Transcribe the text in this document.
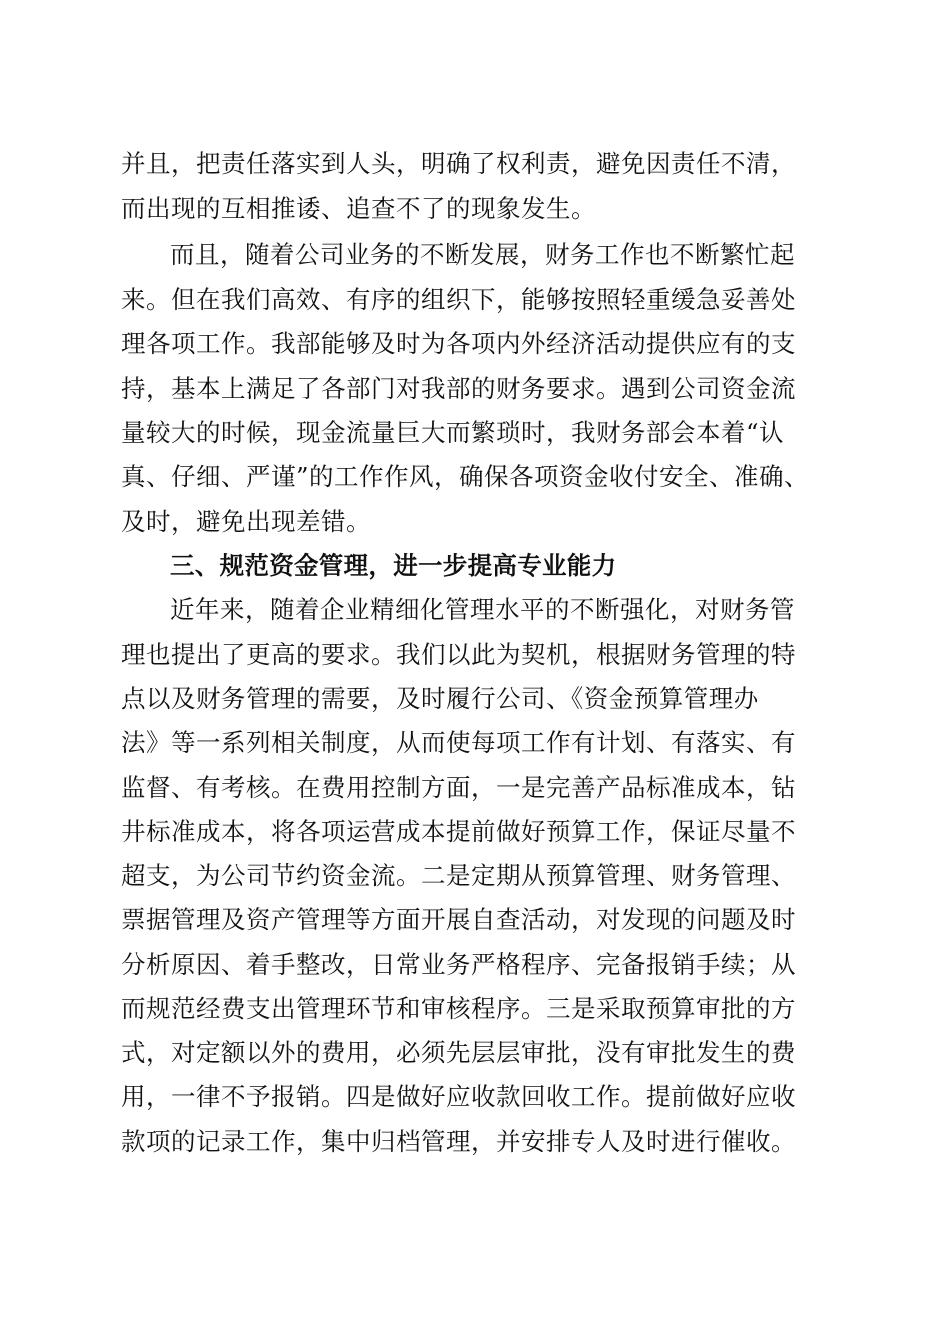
并且，把责任落实到人头，明确了权利责，避免因责任不清，
而出现的互相推诿、追查不了的现象发生。
而且，随着公司业务的不断发展，财务工作也不断繁忙起
来。但在我们高效、有序的组织下，能够按照轻重缓急妥善处
理各项工作。我部能够及时为各项内外经济活动提供应有的支
持，基本上满足了各部门对我部的财务要求。遇到公司资金流
量较大的时候，现金流量巨大而繁琐时，我财务部会本着“认
真、仔细、严谨”的工作作风，确保各项资金收付安全、准确、
及时，避免出现差错。
三、规范资金管理，进一步提高专业能力
近年来，随着企业精细化管理水平的不断强化，对财务管
理也提出了更高的要求。我们以此为契机，根据财务管理的特
点以及财务管理的需要，及时履行公司、《资金预算管理办
法》等一系列相关制度，从而使每项工作有计划、有落实、有
监督、有考核。在费用控制方面，一是完善产品标准成本，钻
井标准成本，将各项运营成本提前做好预算工作，保证尽量不
超支，为公司节约资金流。二是定期从预算管理、财务管理、
票据管理及资产管理等方面开展自查活动，对发现的问题及时
分析原因、着手整改，日常业务严格程序、完备报销手续；从
而规范经费支出管理环节和审核程序。三是采取预算审批的方
式，对定额以外的费用，必须先层层审批，没有审批发生的费
用，一律不予报销。四是做好应收款回收工作。提前做好应收
款项的记录工作，集中归档管理，并安排专人及时进行催收。
